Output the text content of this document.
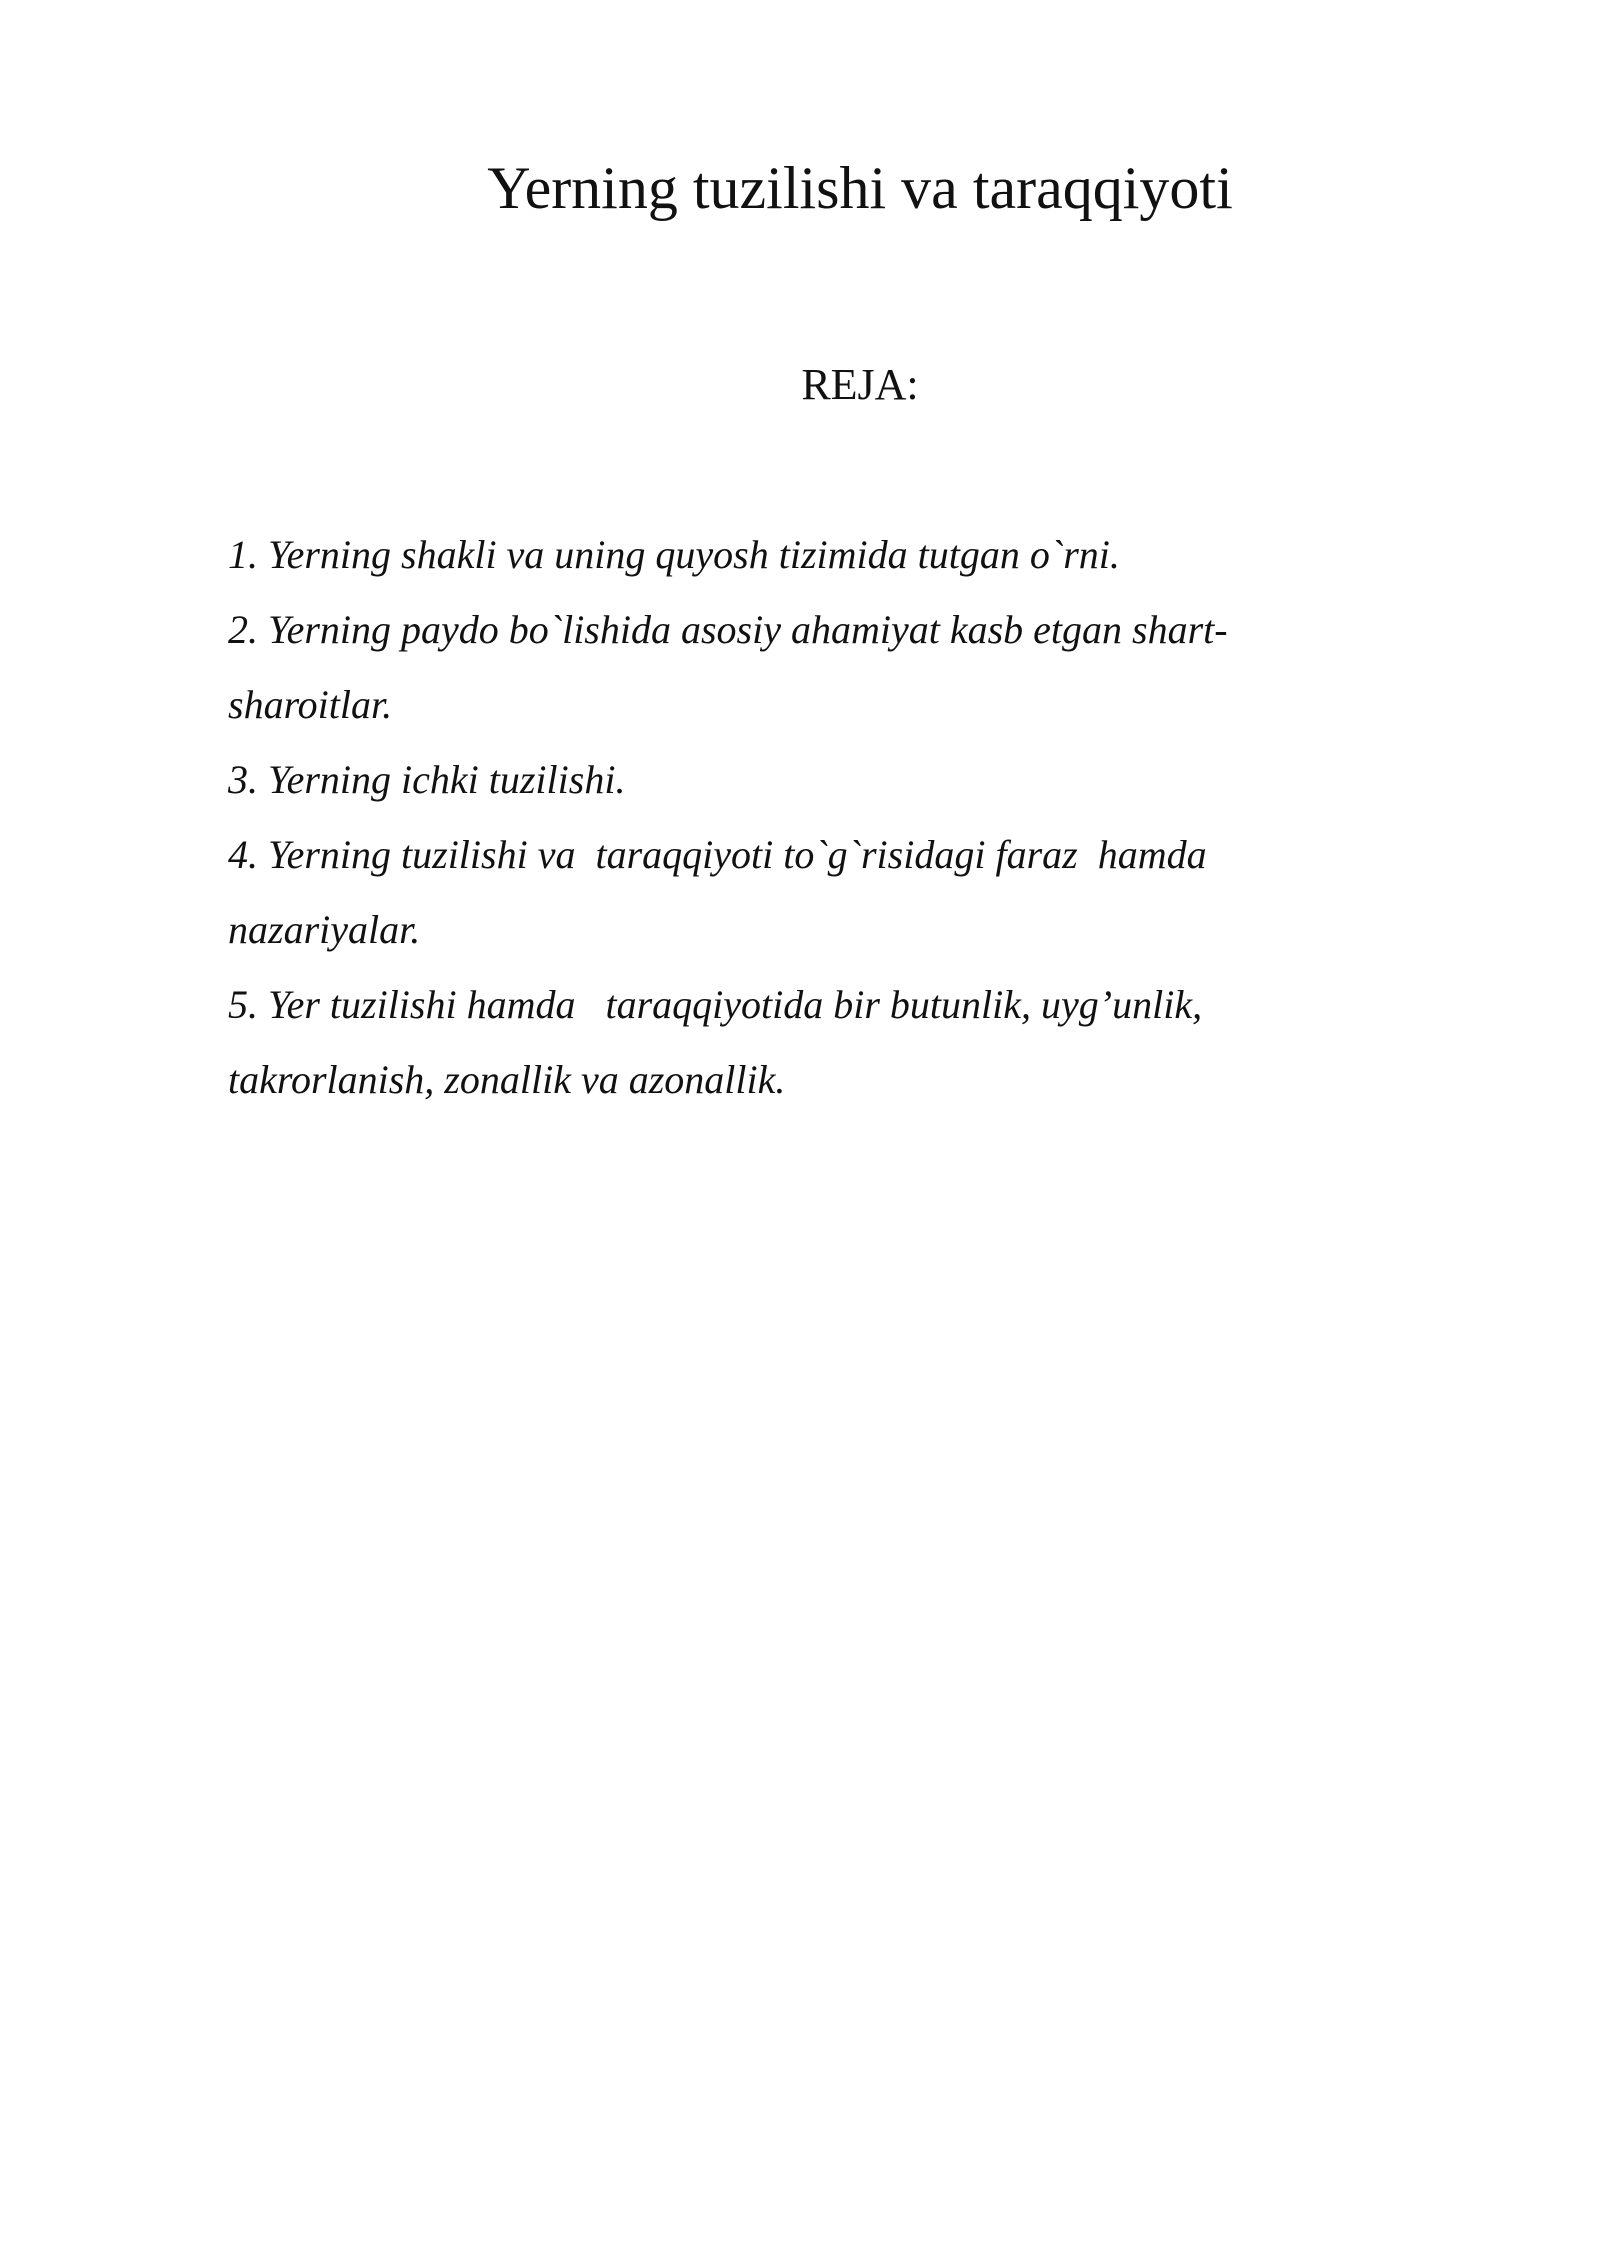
Yerning tuzilishi va taraqqiyoti
REJA:
1. Yerning shakli va uning quyosh tizimida tutgan o`rni.
2. Yerning paydo bo`lishida asosiy ahamiyat kasb etgan shart-
sharoitlar.
3. Yerning ichki tuzilishi.
4. Yerning tuzilishi va  taraqqiyoti to`g`risidagi faraz  hamda
nazariyalar.
5. Yer tuzilishi hamda   taraqqiyotida bir butunlik, uyg’unlik,
takrorlanish, zonallik va azonallik.
